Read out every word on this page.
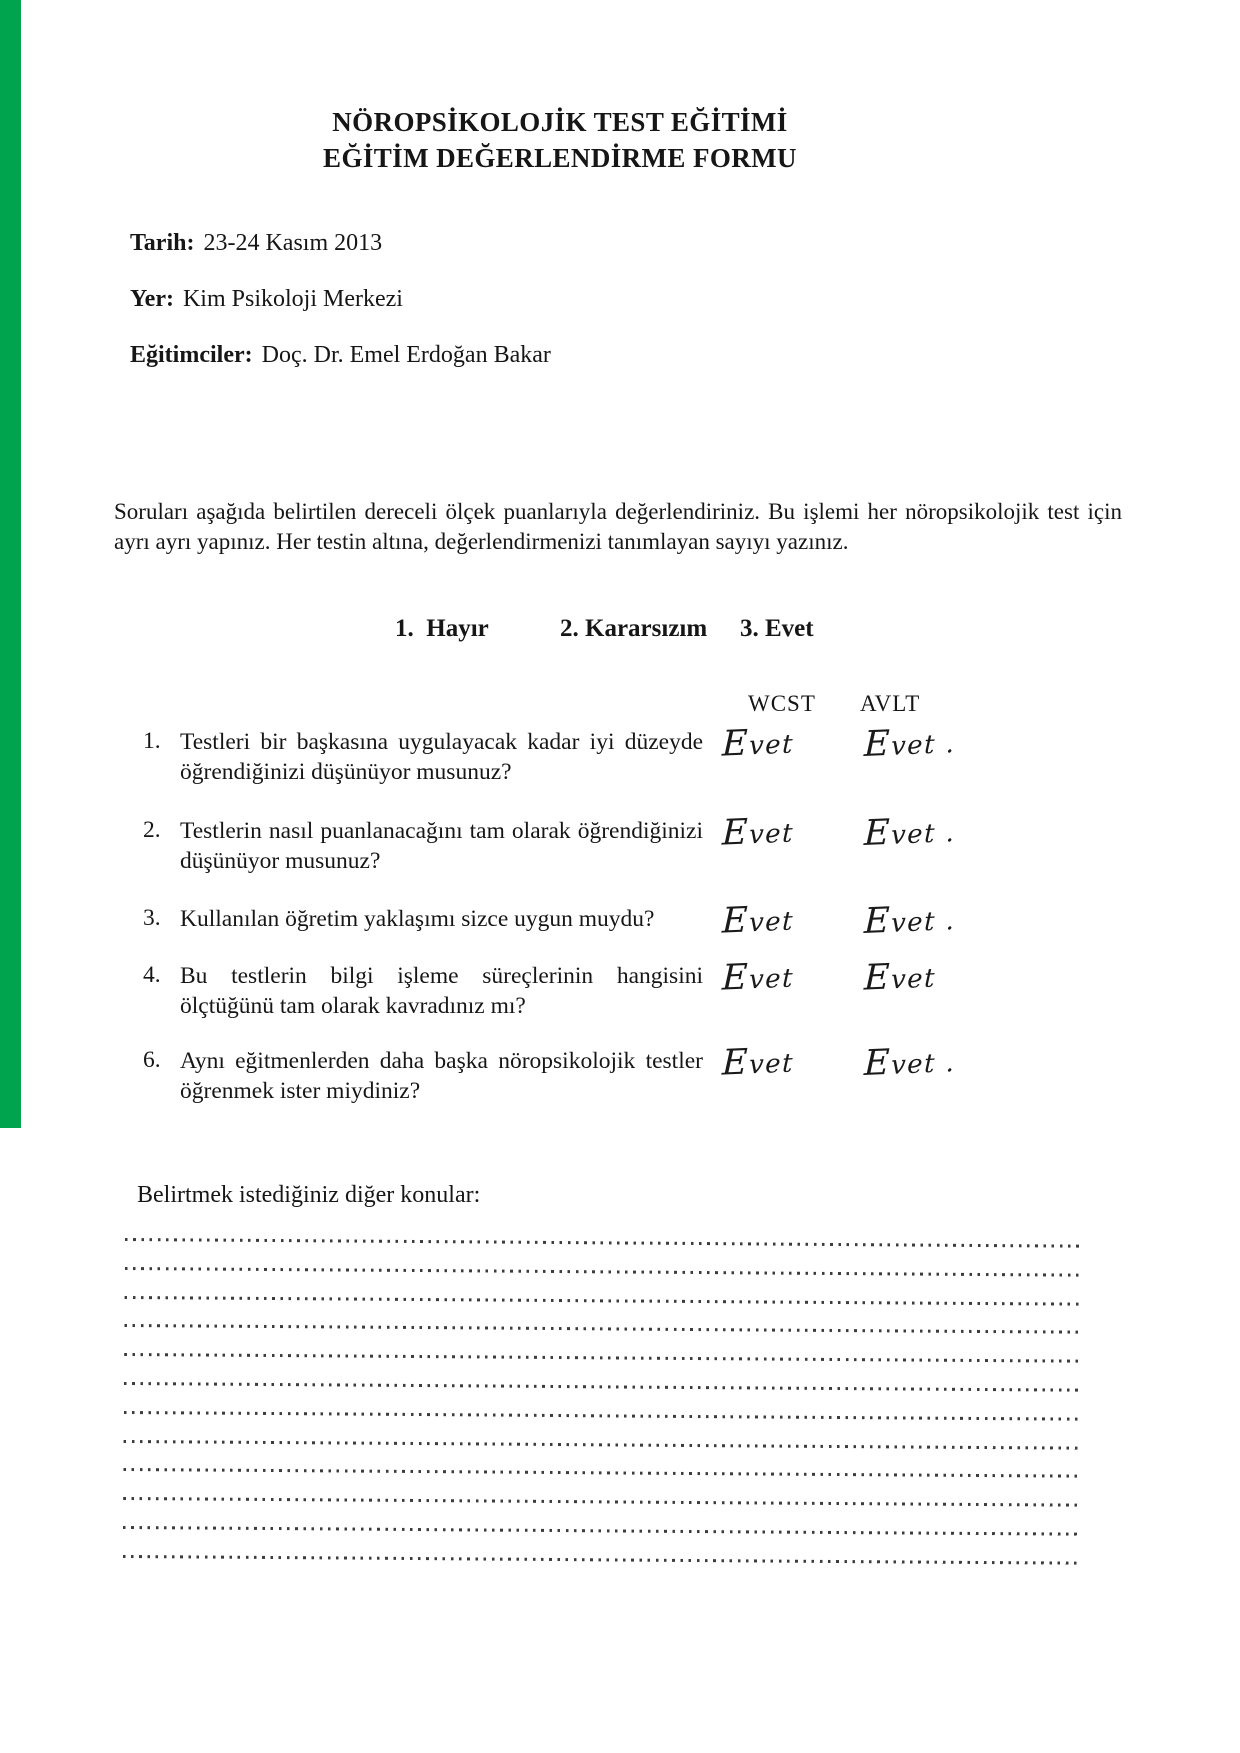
NÖROPSİKOLOJİK TEST EĞİTİMİ
EĞİTİM DEĞERLENDİRME FORMU

Tarih: 23-24 Kasım 2013

Yer: Kim Psikoloji Merkezi

Eğitimciler: Doç. Dr. Emel Erdoğan Bakar

Soruları aşağıda belirtilen dereceli ölçek puanlarıyla değerlendiriniz. Bu işlemi her nöropsikolojik test için ayrı ayrı yapınız. Her testin altına, değerlendirmenizi tanımlayan sayıyı yazınız.

1.  Hayır	2. Kararsızım 3. Evet
WCST AVLT
1. Testleri bir başkasına uygulayacak kadar iyi düzeyde öğrendiğinizi düşünüyor musunuz?

Evet	Evet .
2. Testlerin nasıl puanlanacağını tam olarak öğrendiğinizi düşünüyor musunuz?

Evet	Evet .
3. Kullanılan öğretim yaklaşımı sizce uygun muydu?	Evet	Evet .
4. Bu testlerin bilgi işleme süreçlerinin hangisini ölçtüğünü tam olarak kavradınız mı?

Evet	Evet
6. Aynı eğitmenlerden daha başka nöropsikolojik testler öğrenmek ister miydiniz?

Evet	Evet .

Belirtmek istediğiniz diğer konular:
